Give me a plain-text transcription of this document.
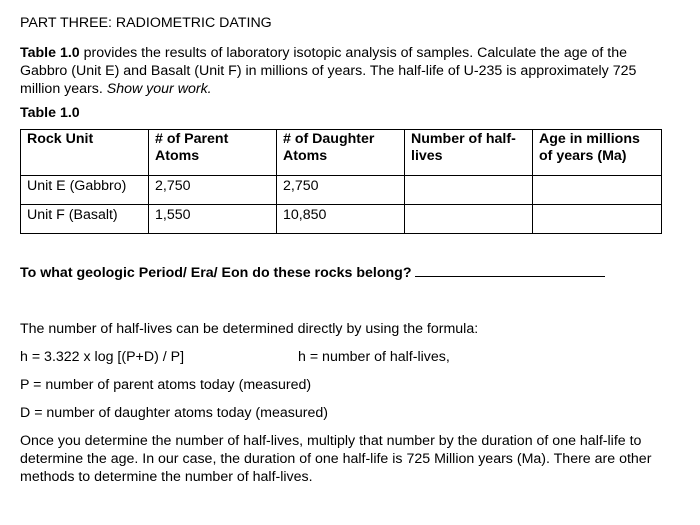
PART THREE: RADIOMETRIC DATING

Table 1.0 provides the results of laboratory isotopic analysis of samples. Calculate the age of the Gabbro (Unit E) and Basalt (Unit F) in millions of years. The half-life of U-235 is approximately 725 million years. Show your work.

Table 1.0

Rock Unit	# of Parent Atoms	# of Daughter Atoms	Number of half-lives	Age in millions of years (Ma)
Unit E (Gabbro)	2,750	2,750		
Unit F (Basalt)	1,550	10,850		

To what geologic Period/ Era/ Eon do these rocks belong?

The number of half-lives can be determined directly by using the formula:

h = 3.322 x log [(P+D) / P]	h = number of half-lives,

P = number of parent atoms today (measured)

D = number of daughter atoms today (measured)

Once you determine the number of half-lives, multiply that number by the duration of one half-life to determine the age. In our case, the duration of one half-life is 725 Million years (Ma). There are other methods to determine the number of half-lives.
